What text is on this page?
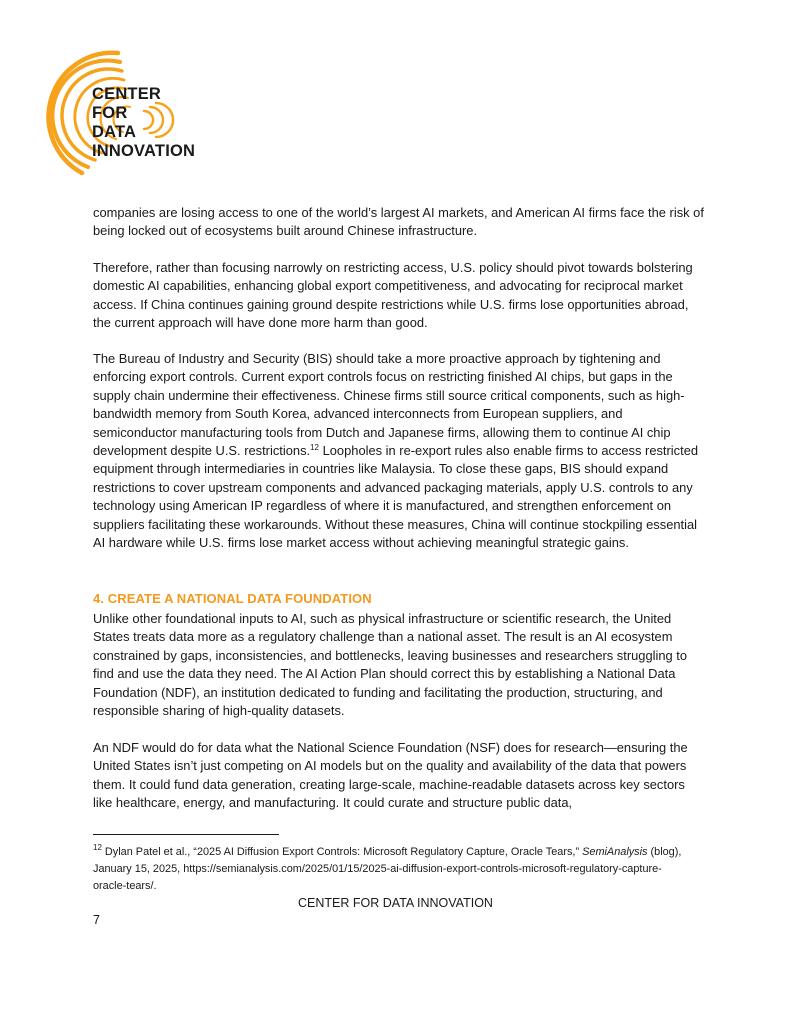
CENTER
FOR
DATA
INNOVATION

companies are losing access to one of the world’s largest AI markets, and American AI firms face the risk of being locked out of ecosystems built around Chinese infrastructure.

Therefore, rather than focusing narrowly on restricting access, U.S. policy should pivot towards bolstering domestic AI capabilities, enhancing global export competitiveness, and advocating for reciprocal market access. If China continues gaining ground despite restrictions while U.S. firms lose opportunities abroad, the current approach will have done more harm than good.

The Bureau of Industry and Security (BIS) should take a more proactive approach by tightening and enforcing export controls. Current export controls focus on restricting finished AI chips, but gaps in the supply chain undermine their effectiveness. Chinese firms still source critical components, such as high-bandwidth memory from South Korea, advanced interconnects from European suppliers, and semiconductor manufacturing tools from Dutch and Japanese firms, allowing them to continue AI chip development despite U.S. restrictions.$^{12}$ Loopholes in re-export rules also enable firms to access restricted equipment through intermediaries in countries like Malaysia. To close these gaps, BIS should expand restrictions to cover upstream components and advanced packaging materials, apply U.S. controls to any technology using American IP regardless of where it is manufactured, and strengthen enforcement on suppliers facilitating these workarounds. Without these measures, China will continue stockpiling essential AI hardware while U.S. firms lose market access without achieving meaningful strategic gains.

4. CREATE A NATIONAL DATA FOUNDATION

Unlike other foundational inputs to AI, such as physical infrastructure or scientific research, the United States treats data more as a regulatory challenge than a national asset. The result is an AI ecosystem constrained by gaps, inconsistencies, and bottlenecks, leaving businesses and researchers struggling to find and use the data they need. The AI Action Plan should correct this by establishing a National Data Foundation (NDF), an institution dedicated to funding and facilitating the production, structuring, and responsible sharing of high-quality datasets.

An NDF would do for data what the National Science Foundation (NSF) does for research—ensuring the United States isn’t just competing on AI models but on the quality and availability of the data that powers them. It could fund data generation, creating large-scale, machine-readable datasets across key sectors like healthcare, energy, and manufacturing. It could curate and structure public data,

$^{12}$ Dylan Patel et al., “2025 AI Diffusion Export Controls: Microsoft Regulatory Capture, Oracle Tears,” SemiAnalysis (blog), January 15, 2025, https://semianalysis.com/2025/01/15/2025-ai-diffusion-export-controls-microsoft-regulatory-capture-oracle-tears/.
CENTER FOR DATA INNOVATION
7
